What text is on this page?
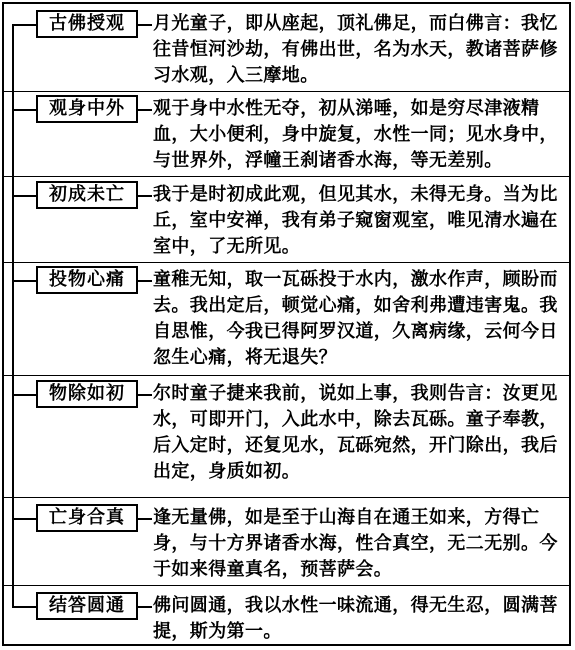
古佛授观	月光童子，即从座起，顶礼佛足，而白佛言：我忆往昔恒河沙劫，有佛出世，名为水天，教诸菩萨修习水观，入三摩地。
观身中外	观于身中水性无夺，初从涕唾，如是穷尽津液精血，大小便利，身中旋复，水性一同；见水身中，与世界外，浮幢王刹诸香水海，等无差别。
初成未亡	我于是时初成此观，但见其水，未得无身。当为比丘，室中安禅，我有弟子窥窗观室，唯见清水遍在室中，了无所见。
投物心痛	童稚无知，取一瓦砾投于水内，激水作声，顾盼而去。我出定后，顿觉心痛，如舍利弗遭违害鬼。我自思惟，今我已得阿罗汉道，久离病缘，云何今日忽生心痛，将无退失？
物除如初	尔时童子捷来我前，说如上事，我则告言：汝更见水，可即开门，入此水中，除去瓦砾。童子奉教，后入定时，还复见水，瓦砾宛然，开门除出，我后出定，身质如初。
亡身合真	逢无量佛，如是至于山海自在通王如来，方得亡身，与十方界诸香水海，性合真空，无二无别。今于如来得童真名，预菩萨会。
结答圆通	佛问圆通，我以水性一味流通，得无生忍，圆满菩提，斯为第一。
